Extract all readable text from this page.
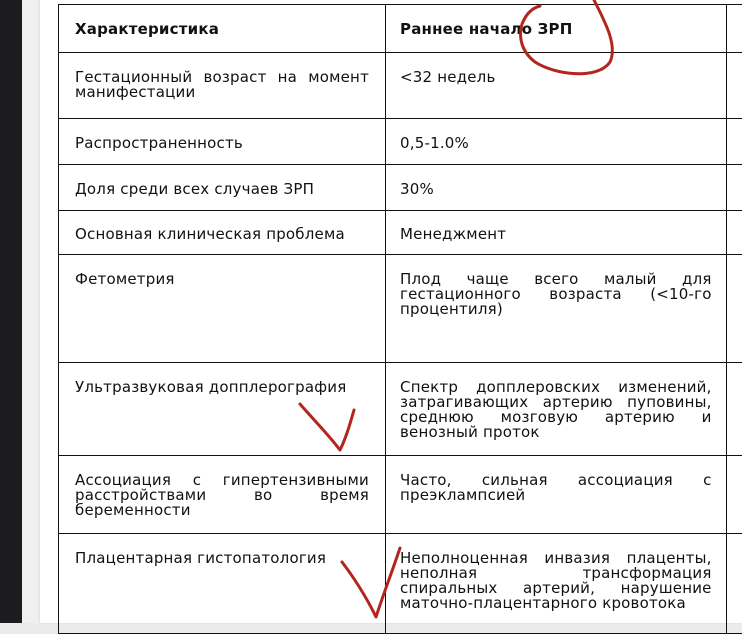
Характеристика	Раннее начало ЗРП	

Гестационный возраст на момент манифестации	<32 недель	

Распространенность	0,5-1.0%	

Доля среди всех случаев ЗРП	30%	

Основная клиническая проблема	Менеджмент	

Фетометрия	Плод чаще всего малый для гестационного возраста (<10-го процентиля)	

Ультразвуковая допплерография	Спектр допплеровских изменений, затрагивающих артерию пуповины, среднюю мозговую артерию и венозный проток	

Ассоциация с гипертензивными расстройствами во время беременности	Часто, сильная ассоциация с преэклампсией	

Плацентарная гистопатология	Неполноценная инвазия плаценты, неполная трансформация спиральных артерий, нарушение маточно-плацентарного кровотока	
